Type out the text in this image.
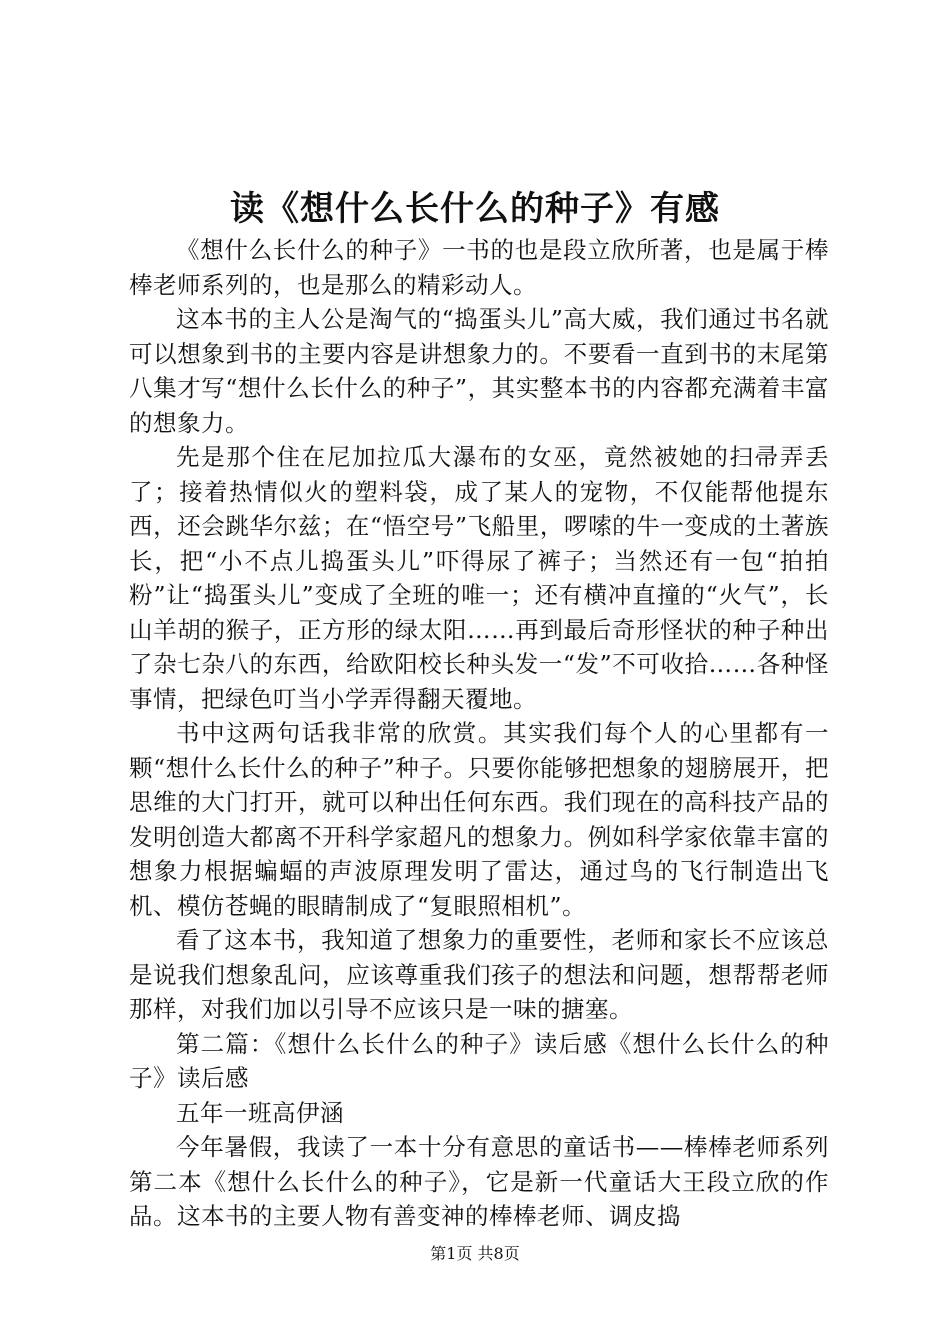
读《想什么长什么的种子》有感

《想什么长什么的种子》一书的也是段立欣所著，也是属于棒棒老师系列的，也是那么的精彩动人。

这本书的主人公是淘气的“捣蛋头儿”高大威，我们通过书名就可以想象到书的主要内容是讲想象力的。不要看一直到书的末尾第八集才写“想什么长什么的种子”，其实整本书的内容都充满着丰富的想象力。

先是那个住在尼加拉瓜大瀑布的女巫，竟然被她的扫帚弄丢了；接着热情似火的塑料袋，成了某人的宠物，不仅能帮他提东西，还会跳华尔兹；在“悟空号”飞船里，啰嗦的牛一变成的土著族长，把“小不点儿捣蛋头儿”吓得尿了裤子；当然还有一包“拍拍粉”让“捣蛋头儿”变成了全班的唯一；还有横冲直撞的“火气”，长山羊胡的猴子，正方形的绿太阳……再到最后奇形怪状的种子种出了杂七杂八的东西，给欧阳校长种头发一“发”不可收拾……各种怪事情，把绿色叮当小学弄得翻天覆地。

书中这两句话我非常的欣赏。其实我们每个人的心里都有一颗“想什么长什么的种子”种子。只要你能够把想象的翅膀展开，把思维的大门打开，就可以种出任何东西。我们现在的高科技产品的发明创造大都离不开科学家超凡的想象力。例如科学家依靠丰富的想象力根据蝙蝠的声波原理发明了雷达，通过鸟的飞行制造出飞机、模仿苍蝇的眼睛制成了“复眼照相机”。

看了这本书，我知道了想象力的重要性，老师和家长不应该总是说我们想象乱问，应该尊重我们孩子的想法和问题，想帮帮老师那样，对我们加以引导不应该只是一味的搪塞。

第二篇：《想什么长什么的种子》读后感《想什么长什么的种子》读后感

五年一班高伊涵

今年暑假，我读了一本十分有意思的童话书——棒棒老师系列第二本《想什么长什么的种子》，它是新一代童话大王段立欣的作品。这本书的主要人物有善变神的棒棒老师、调皮捣

第1页 共8页
